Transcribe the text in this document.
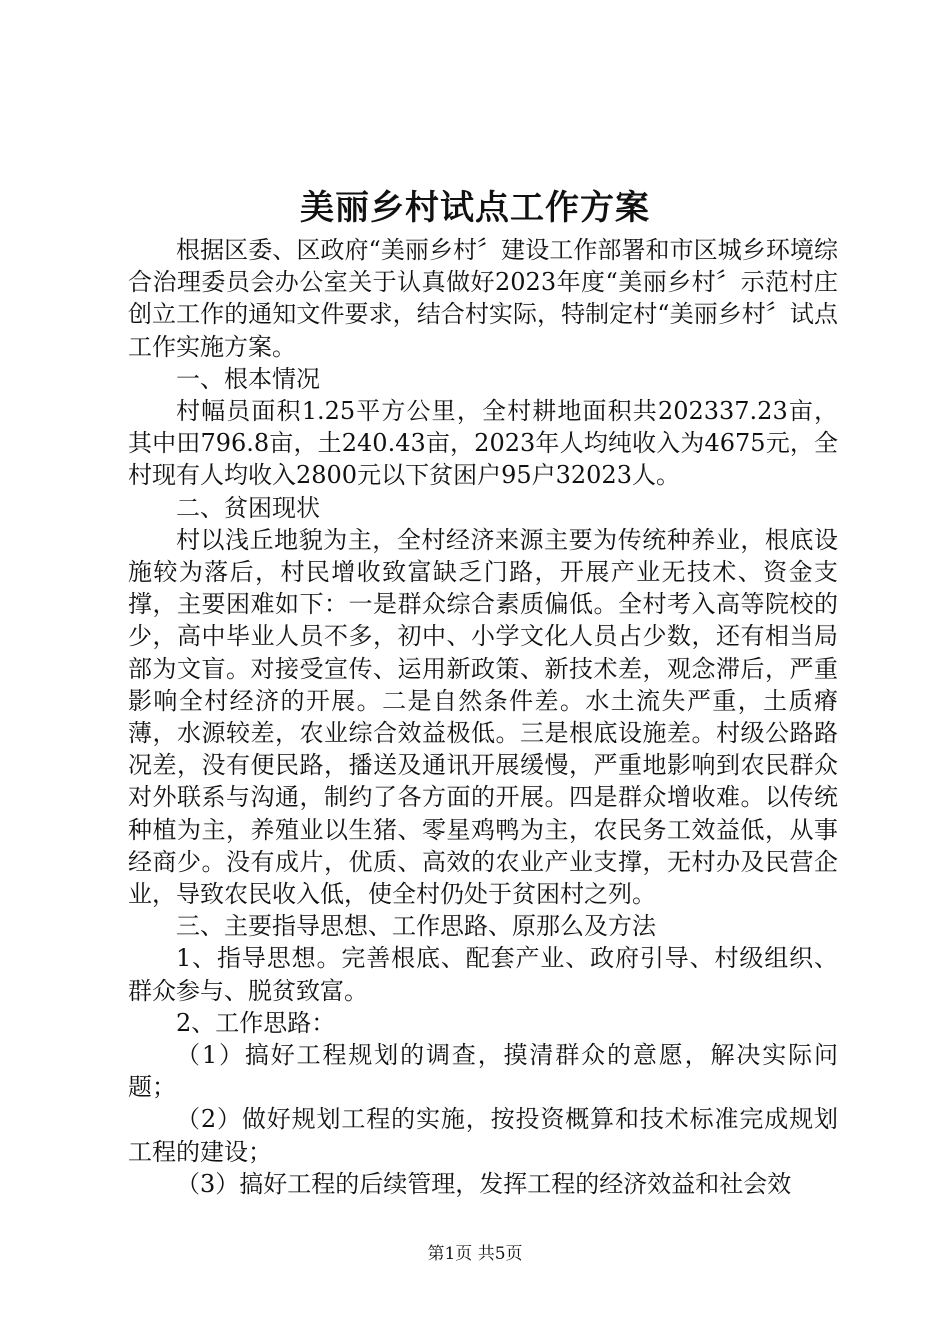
美丽乡村试点工作方案

根据区委、区政府“美丽乡村〞建设工作部署和市区城乡环境综合治理委员会办公室关于认真做好2023年度“美丽乡村〞示范村庄创立工作的通知文件要求，结合村实际，特制定村“美丽乡村〞试点工作实施方案。

一、根本情况

村幅员面积1.25平方公里，全村耕地面积共202337.23亩，其中田796.8亩，土240.43亩，2023年人均纯收入为4675元，全村现有人均收入2800元以下贫困户95户32023人。

二、贫困现状

村以浅丘地貌为主，全村经济来源主要为传统种养业，根底设施较为落后，村民增收致富缺乏门路，开展产业无技术、资金支撑，主要困难如下：一是群众综合素质偏低。全村考入高等院校的少，高中毕业人员不多，初中、小学文化人员占少数，还有相当局部为文盲。对接受宣传、运用新政策、新技术差，观念滞后，严重影响全村经济的开展。二是自然条件差。水土流失严重，土质瘠薄，水源较差，农业综合效益极低。三是根底设施差。村级公路路况差，没有便民路，播送及通讯开展缓慢，严重地影响到农民群众对外联系与沟通，制约了各方面的开展。四是群众增收难。以传统种植为主，养殖业以生猪、零星鸡鸭为主，农民务工效益低，从事经商少。没有成片，优质、高效的农业产业支撑，无村办及民营企业，导致农民收入低，使全村仍处于贫困村之列。

三、主要指导思想、工作思路、原那么及方法

1、指导思想。完善根底、配套产业、政府引导、村级组织、群众参与、脱贫致富。

2、工作思路：

（1）搞好工程规划的调查，摸清群众的意愿，解决实际问题；

（2）做好规划工程的实施，按投资概算和技术标准完成规划工程的建设；

（3）搞好工程的后续管理，发挥工程的经济效益和社会效

第1页 共5页
